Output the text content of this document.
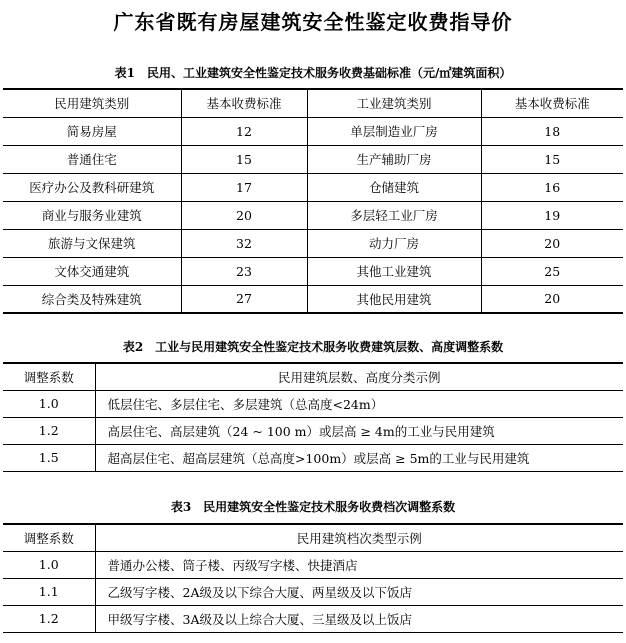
广东省既有房屋建筑安全性鉴定收费指导价
表1　民用、工业建筑安全性鉴定技术服务收费基础标准（元/㎡建筑面积）
民用建筑类别	基本收费标准	工业建筑类别	基本收费标准
简易房屋	12	单层制造业厂房	18
普通住宅	15	生产辅助厂房	15
医疗办公及教科研建筑	17	仓储建筑	16
商业与服务业建筑	20	多层轻工业厂房	19
旅游与文保建筑	32	动力厂房	20
文体交通建筑	23	其他工业建筑	25
综合类及特殊建筑	27	其他民用建筑	20
表2　工业与民用建筑安全性鉴定技术服务收费建筑层数、高度调整系数
调整系数	民用建筑层数、高度分类示例
1.0	低层住宅、多层住宅、多层建筑（总高度<24m）
1.2	高层住宅、高层建筑（24 ~ 100 m）或层高 ≥ 4m的工业与民用建筑
1.5	超高层住宅、超高层建筑（总高度>100m）或层高 ≥ 5m的工业与民用建筑
表3　民用建筑安全性鉴定技术服务收费档次调整系数
调整系数	民用建筑档次类型示例
1.0	普通办公楼、筒子楼、丙级写字楼、快捷酒店
1.1	乙级写字楼、2A级及以下综合大厦、两星级及以下饭店
1.2	甲级写字楼、3A级及以上综合大厦、三星级及以上饭店
